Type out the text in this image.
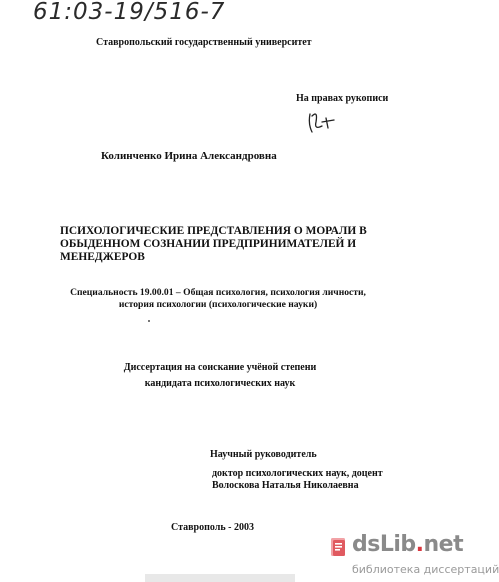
61:03-19/516-7
Ставропольский государственный университет
На правах рукописи
Колинченко Ирина Александровна
ПСИХОЛОГИЧЕСКИЕ ПРЕДСТАВЛЕНИЯ О МОРАЛИ В
ОБЫДЕННОМ СОЗНАНИИ ПРЕДПРИНИМАТЕЛЕЙ И
МЕНЕДЖЕРОВ
Специальность 19.00.01 – Общая психология, психология личности,
история психологии (психологические науки)
Диссертация на соискание учёной степени
кандидата психологических наук
Научный руководитель
доктор психологических наук, доцент
Волоскова Наталья Николаевна
Ставрополь - 2003
dsLib.net
библиотека диссертаций
